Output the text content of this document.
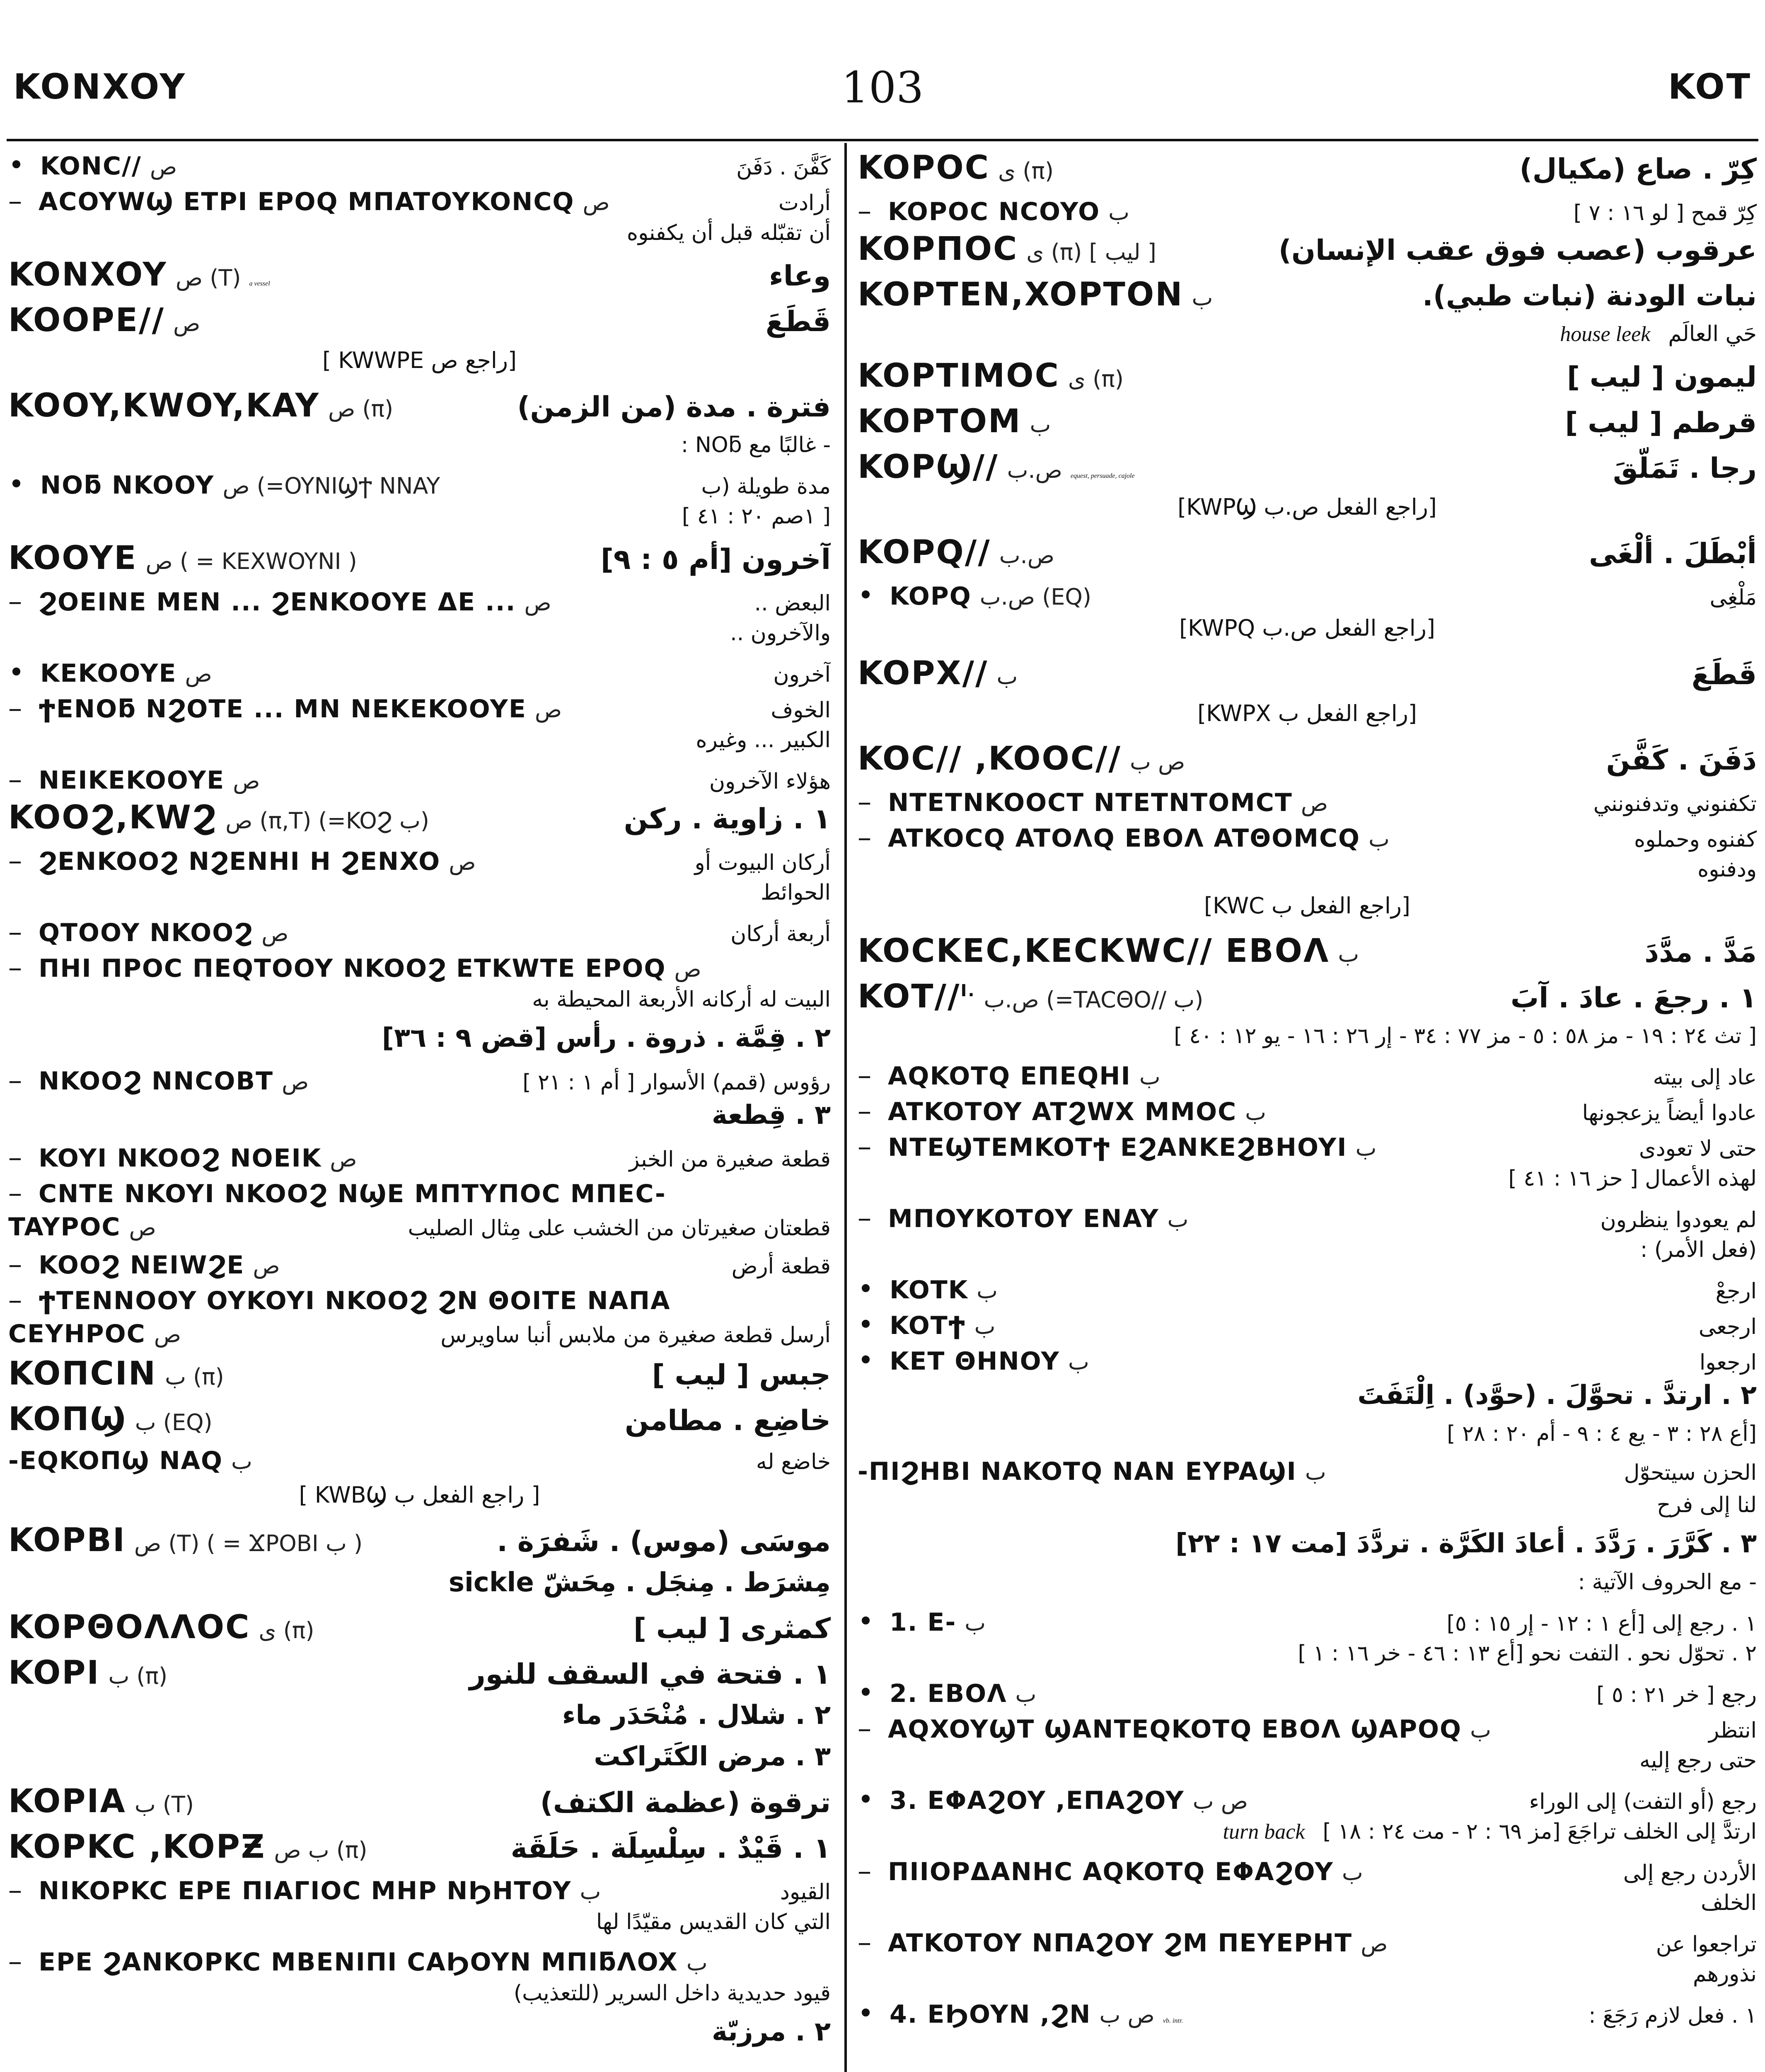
KONXOY	103	KOT
• KONC// ص	كَفَّنَ . دَفَنَ
– ACOYWϢ ETPI EPOQ ΜΠATOYKONCQ ص	أرادت
أن تقبّله قبل أن يكفنوه
KONXOY ص (T) a vessel	وعاء
KOOPE// ص	قَطَعَ
[راجع ص KWWPE ]
KOOY,KWOY,KAY ص (π)	فترة . مدة (من الزمن)
- غالبًا مع NOƃ :
• NOƃ ΝKOOY ص (=OYNIϢϮ ΝNAY	مدة طويلة (ب
[ ١صم ٢٠ : ٤١ ]
KOOYE ص ( = KEXWOYNI )	آخرون [أم ٥ : ٩]
– ϨOEINE MEN ... ϨENKOOYE ΔE ... ص	البعض ..
والآخرون ..
• KEKOOYE ص	آخرون
– ϮENOƃ ΝϨOTE ... MΝ NEKEKOOYE ص	الخوف
الكبير ... وغيره
– NEIKEKOOYE ص	هؤلاء الآخرون
KOOϨ,KWϨ ص (π,T) (=KOϨ ب)	١ . زاوية . ركن
– ϨENKOOϨ ΝϨENHI H ϨENXO ص	أركان البيوت أو
الحوائط
– QTOOY ΝKOOϨ ص	أربعة أركان
– ΠHI ΠPOC ΠEQTOOY ΝKOOϨ ETKWTE EPOQ ص
البيت له أركانه الأربعة المحيطة به
٢ . قِمَّة . ذروة . رأس [قض ٩ : ٣٦]
– ΝKOOϨ ΝNCOBT ص	رؤوس (قمم) الأسوار [ أم ١ : ٢١ ]
٣ . قِطعة
– KOYI ΝKOOϨ ΝOEIK ص	قطعة صغيرة من الخبز
– CΝTE ΝKOYI ΝKOOϨ ΝϢE ΜΠTYΠOC ΜΠEC-
TAYPOC ص	قطعتان صغيرتان من الخشب على مِثال الصليب
– KOOϨ ΝEIWϨE ص	قطعة أرض
– ϮTENNOOY OYKOYI ΝKOOϨ ϨΝ ΘOITE ΝAΠA
CEYHPOC ص	أرسل قطعة صغيرة من ملابس أنبا ساويرس
KOΠCIN ب (π)	جبس [ ليب ]
KOΠϢ ب (EQ)	خاضِع . مطامن
-EQKOΠϢ NAQ ب	خاضع له
[ راجع الفعل ب KWBϢ ]
KOPBI ص (T) ( = ϪPOBI ب )	موسَى (موس) . شَفرَة .
مِشرَط . مِنجَل . مِحَشّ sickle
KOPΘOΛΛOC ى (π)	كمثرى [ ليب ]
KOPI ب (π)	١ . فتحة في السقف للنور
٢ . شلال . مُنْحَدَر ماء
٣ . مرض الكَتَراكت
KOPIA ب (T)	ترقوة (عظمة الكتف)
KOPKC ,KOPƵ ب ص (π)	١ . قَيْدٌ . سِلْسِلَة . حَلَقَة
– NIKOPKC EPE ΠIAΓIOC MHP ΝϦHTOY ب	القيود
التي كان القديس مقيّدًا لها
– EPE ϨANKOPKC ΜBENIΠI CAϦOYN ΜΠIƃΛOX ب
قيود حديدية داخل السرير (للتعذيب)
٢ . مرزبّة
KOPOC ى (π)	كِرّ . صاع (مكيال)
– KOPOC ΝCOYO ب	كِرّ قمح [ لو ١٦ : ٧ ]
KOPΠOC ى (π) [ ليب ]	عرقوب (عصب فوق عقب الإنسان)
KOPTEN,XOPTON ب	نبات الودنة (نبات طبي).
حَي العالَم house leek
KOPTIMOC ى (π)	ليمون [ ليب ]
KOPTOM ب	قرطم [ ليب ]
KOPϢ// ص.ب equest, persuade, cajole	رجا . تَمَلّقَ
[راجع الفعل ص.ب KWPϢ]
KOPQ// ص.ب	أبْطَلَ . ألْغَى
• KOPQ ص.ب (EQ)	مَلْغِى
[راجع الفعل ص.ب KWPQ]
KOPX// ب	قَطَعَ
[راجع الفعل ب KWPX]
KOC// ,KOOC// ص ب	دَفَنَ . كَفَّنَ
– ΝTETΝKOOCT ΝTETΝTOMCT ص	تكفنوني وتدفنونني
– ATKOCQ ATOΛQ EBOΛ ATΘOMCQ ب	كفنوه وحملوه
ودفنوه
[راجع الفعل ب KWC]
KOCKEC,KECKWC// EBOΛ ب	مَدَّ . مدَّدَ
KOT//$^{I.}$ ص.ب (=TACΘO// ب)	١ . رجعَ . عادَ . آبَ
[ تث ٢٤ : ١٩ - مز ٥٨ : ٥ - مز ٧٧ : ٣٤ - إر ٢٦ : ١٦ - يو ١٢ : ٤٠ ]
– AQKOTQ EΠEQHI ب	عاد إلى بيته
– ATKOTOY ATϨWX MMOC ب	عادوا أيضاً يزعجونها
– ΝTEϢTEMKOTϮ EϨANKEϨBHOYI ب	حتى لا تعودى
لهذه الأعمال [ حز ١٦ : ٤١ ]
– MΠOYKOTOY ENAY ب	لم يعودوا ينظرون
(فعل الأمر) :
• KOTK ب	ارجعْ
• KOTϮ ب	ارجعى
• KET ΘHNOY ب	ارجعوا
٢ . ارتدَّ . تحوَّلَ . (حوَّد) . اِلْتَفَتَ
[أع ٢٨ : ٣ - يع ٤ : ٩ - أم ٢٠ : ٢٨ ]
-ΠIϨHBI NAKOTQ NAN EYPAϢI ب	الحزن سيتحوّل
لنا إلى فرح
٣ . كَرَّرَ . رَدَّدَ . أعادَ الكَرَّة . تردَّدَ [مت ١٧ : ٢٢]
- مع الحروف الآتية :
• 1. E- ب	١ . رجع إلى [أع ١ : ١٢ - إر ١٥ : ٥]
٢ . تحوّل نحو . التفت نحو [أع ١٣ : ٤٦ - خر ١٦ : ١ ]
• 2. EBOΛ ب	رجع [ خر ٢١ : ٥ ]
– AQXOYϢT ϢANTEQKOTQ EBOΛ ϢAPOQ ب	انتظر
حتى رجع إليه
• 3. EΦAϨOY ,EΠAϨOY ص ب	رجع (أو التفت) إلى الوراء
ارتدَّ إلى الخلف تراجَعَ [مز ٦٩ : ٢ - مت ٢٤ : ١٨ ] turn back
– ΠIIOPΔANHC AQKOTQ EΦAϨOY ب	الأردن رجع إلى
الخلف
– ATKOTOY ΝΠAϨOY ϨΜ ΠEYEPHT ص	تراجعوا عن
نذورهم
• 4. EϦOYN ,ϨΝ ص ب vb. intr.	١ . فعل لازم رَجَعَ :
